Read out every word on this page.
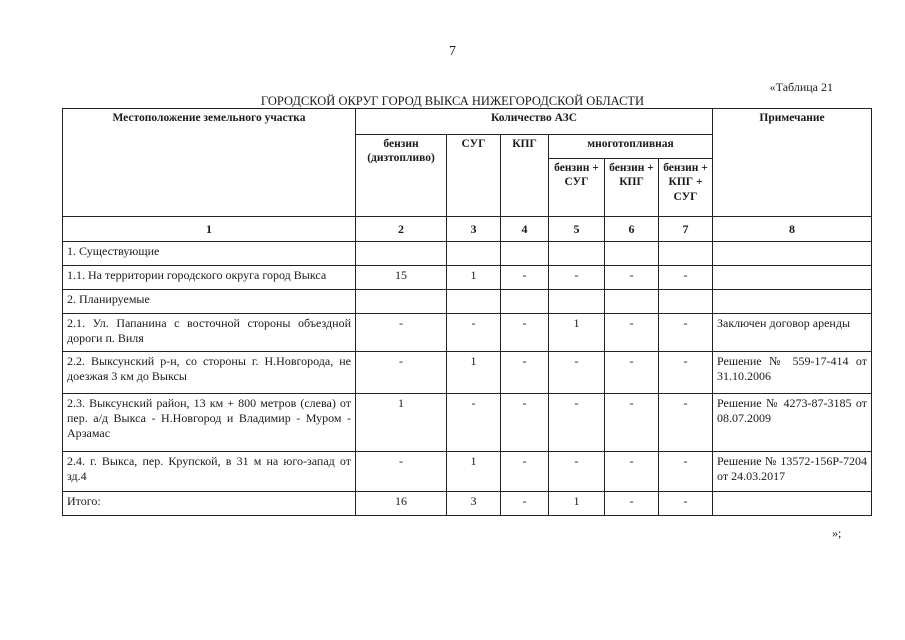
7
«Таблица 21
ГОРОДСКОЙ ОКРУГ ГОРОД ВЫКСА НИЖЕГОРОДСКОЙ ОБЛАСТИ
Местоположение земельного участка	Количество АЗС						Примечание
	бензин (дизтопливо)	СУГ	КПГ	многотопливная			
				бензин + СУГ	бензин + КПГ	бензин + КПГ + СУГ	
1	2	3	4	5	6	7	8
1. Существующие							
1.1. На территории городского округа город Выкса	15	1	-	-	-	-	
2. Планируемые							
2.1. Ул. Папанина с восточной стороны объездной дороги п. Виля	-	-	-	1	-	-	Заключен договор аренды
2.2. Выксунский р-н, со стороны г. Н.Новгорода, не доезжая 3 км до Выксы	-	1	-	-	-	-	Решение № 559-17-414 от 31.10.2006
2.3. Выксунский район, 13 км + 800 метров (слева) от пер. а/д Выкса - Н.Новгород и Владимир - Муром - Арзамас	1	-	-	-	-	-	Решение № 4273-87-3185 от 08.07.2009
2.4. г. Выкса, пер. Крупской, в 31 м на юго-запад от зд.4	-	1	-	-	-	-	Решение № 13572-156Р-7204 от 24.03.2017
Итого:	16	3	-	1	-	-	
»;
